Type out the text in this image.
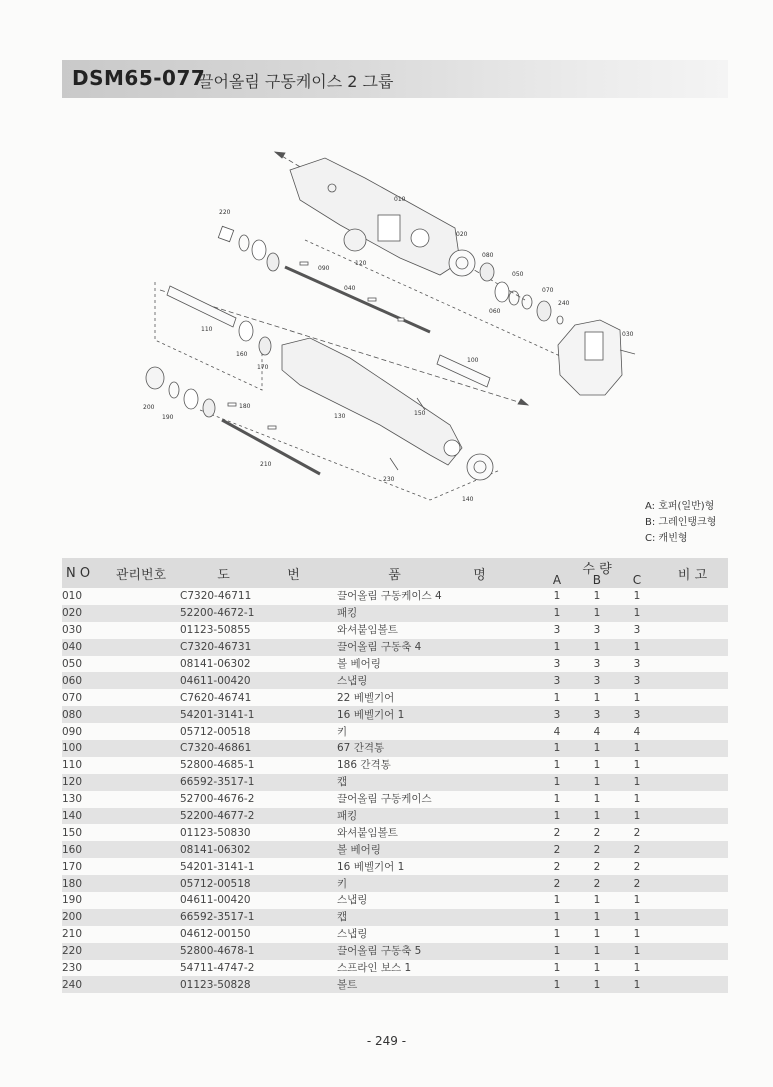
DSM65-077
끌어올림 구동케이스 2 그룹
010
020
030
040
050
060
070
080
090
100
110
120
130
140
150
160
170
180
190
200
210
220
230
240
A: 호퍼(일반)형
B: 그레인탱크형
C: 캐빈형
N O	관리번호	도 번	품 명	수 량
A B C	비 고
010		C7320-46711	끌어올림 구동케이스 4	1 1 1	

020		52200-4672-1	패킹	1 1 1	

030		01123-50855	와셔붙임볼트	3 3 3	

040		C7320-46731	끌어올림 구동축 4	1 1 1	

050		08141-06302	볼 베어링	3 3 3	

060		04611-00420	스냅링	3 3 3	

070		C7620-46741	22 베벨기어	1 1 1	

080		54201-3141-1	16 베벨기어 1	3 3 3	

090		05712-00518	키	4 4 4	

100		C7320-46861	67 간격통	1 1 1	

110		52800-4685-1	186 간격통	1 1 1	

120		66592-3517-1	캡	1 1 1	

130		52700-4676-2	끌어올림 구동케이스	1 1 1	

140		52200-4677-2	패킹	1 1 1	

150		01123-50830	와셔붙임볼트	2 2 2	

160		08141-06302	볼 베어링	2 2 2	

170		54201-3141-1	16 베벨기어 1	2 2 2	

180		05712-00518	키	2 2 2	

190		04611-00420	스냅링	1 1 1	

200		66592-3517-1	캡	1 1 1	

210		04612-00150	스냅링	1 1 1	

220		52800-4678-1	끌어올림 구동축 5	1 1 1	

230		54711-4747-2	스프라인 보스 1	1 1 1	

240		01123-50828	볼트	1 1 1	

- 249 -
